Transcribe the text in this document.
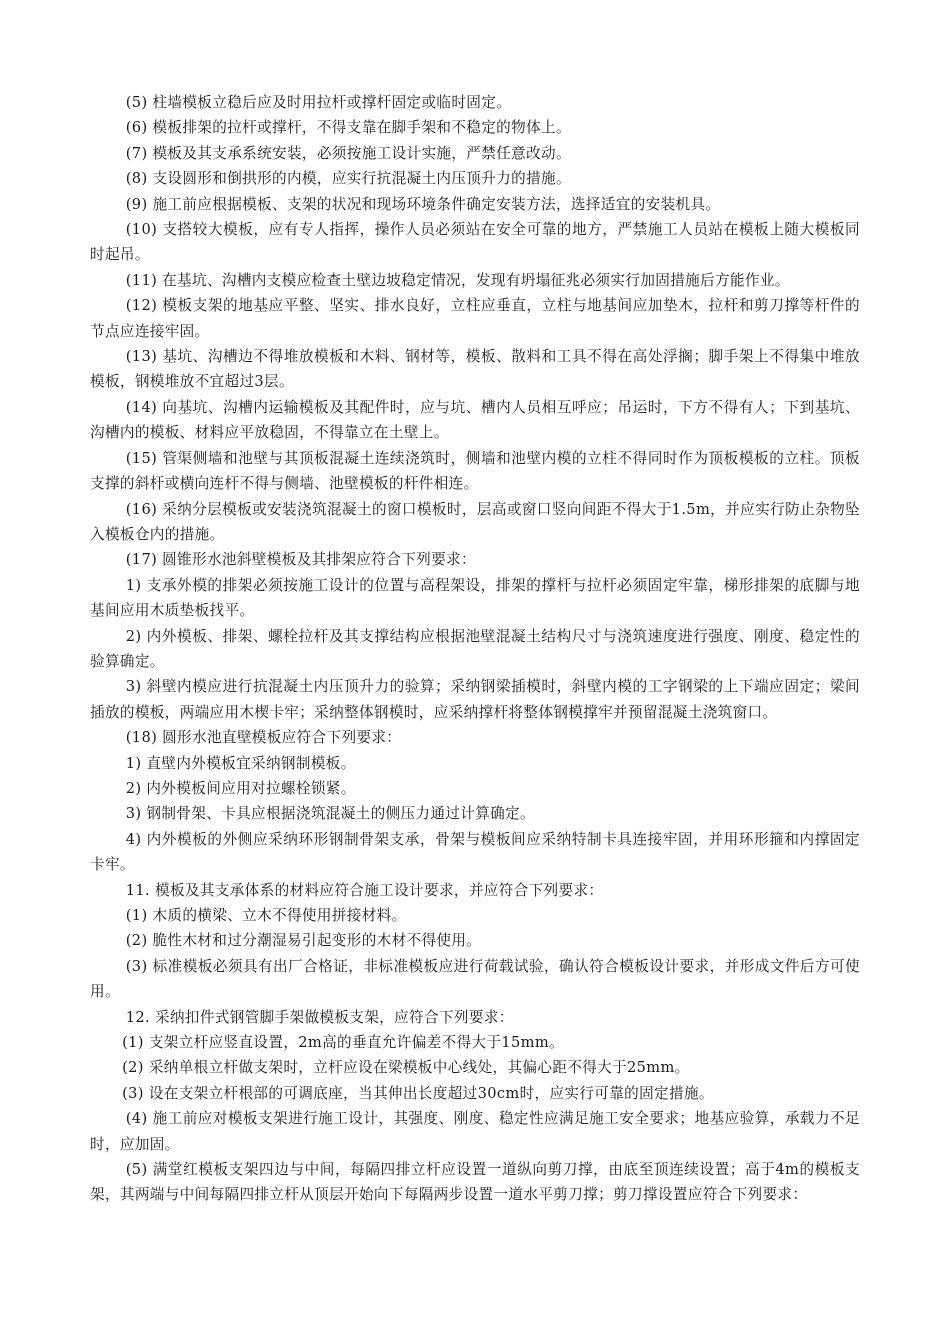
(5) 柱墙模板立稳后应及时用拉杆或撑杆固定或临时固定。

(6) 模板排架的拉杆或撑杆，不得支靠在脚手架和不稳定的物体上。

(7) 模板及其支承系统安装，必须按施工设计实施，严禁任意改动。

(8) 支设圆形和倒拱形的内模，应实行抗混凝土内压顶升力的措施。

(9) 施工前应根据模板、支架的状况和现场环境条件确定安装方法，选择适宜的安装机具。

(10) 支搭较大模板，应有专人指挥，操作人员必须站在安全可靠的地方，严禁施工人员站在模板上随大模板同时起吊。

(11) 在基坑、沟槽内支模应检查土壁边坡稳定情况，发现有坍塌征兆必须实行加固措施后方能作业。

(12) 模板支架的地基应平整、坚实、排水良好，立柱应垂直，立柱与地基间应加垫木，拉杆和剪刀撑等杆件的节点应连接牢固。

(13) 基坑、沟槽边不得堆放模板和木料、钢材等，模板、散料和工具不得在高处浮搁；脚手架上不得集中堆放模板，钢模堆放不宜超过3层。

(14) 向基坑、沟槽内运输模板及其配件时，应与坑、槽内人员相互呼应；吊运时，下方不得有人；下到基坑、沟槽内的模板、材料应平放稳固，不得靠立在土壁上。

(15) 管渠侧墙和池壁与其顶板混凝土连续浇筑时，侧墙和池壁内模的立柱不得同时作为顶板模板的立柱。顶板支撑的斜杆或横向连杆不得与侧墙、池壁模板的杆件相连。

(16) 采纳分层模板或安装浇筑混凝土的窗口模板时，层高或窗口竖向间距不得大于1.5m，并应实行防止杂物坠入模板仓内的措施。

(17) 圆锥形水池斜壁模板及其排架应符合下列要求：

1) 支承外模的排架必须按施工设计的位置与高程架设，排架的撑杆与拉杆必须固定牢靠，梯形排架的底脚与地基间应用木质垫板找平。

2) 内外模板、排架、螺栓拉杆及其支撑结构应根据池壁混凝土结构尺寸与浇筑速度进行强度、刚度、稳定性的验算确定。

3) 斜壁内模应进行抗混凝土内压顶升力的验算；采纳钢梁插模时，斜壁内模的工字钢梁的上下端应固定；梁间插放的模板，两端应用木楔卡牢；采纳整体钢模时，应采纳撑杆将整体钢模撑牢并预留混凝土浇筑窗口。

(18) 圆形水池直壁模板应符合下列要求：

1) 直壁内外模板宜采纳钢制模板。

2) 内外模板间应用对拉螺栓锁紧。

3) 钢制骨架、卡具应根据浇筑混凝土的侧压力通过计算确定。

4) 内外模板的外侧应采纳环形钢制骨架支承，骨架与模板间应采纳特制卡具连接牢固，并用环形箍和内撑固定卡牢。

11. 模板及其支承体系的材料应符合施工设计要求，并应符合下列要求：

(1) 木质的横梁、立木不得使用拼接材料。

(2) 脆性木材和过分潮湿易引起变形的木材不得使用。

(3) 标准模板必须具有出厂合格证，非标准模板应进行荷载试验，确认符合模板设计要求，并形成文件后方可使用。

12. 采纳扣件式钢管脚手架做模板支架，应符合下列要求：

(1) 支架立杆应竖直设置，2m高的垂直允许偏差不得大于15mm。

(2) 采纳单根立杆做支架时，立杆应设在梁模板中心线处，其偏心距不得大于25mm。

(3) 设在支架立杆根部的可调底座，当其伸出长度超过30cm时，应实行可靠的固定措施。

(4) 施工前应对模板支架进行施工设计，其强度、刚度、稳定性应满足施工安全要求；地基应验算，承载力不足时，应加固。

(5) 满堂红模板支架四边与中间，每隔四排立杆应设置一道纵向剪刀撑，由底至顶连续设置；高于4m的模板支架，其两端与中间每隔四排立杆从顶层开始向下每隔两步设置一道水平剪刀撑；剪刀撑设置应符合下列要求：
